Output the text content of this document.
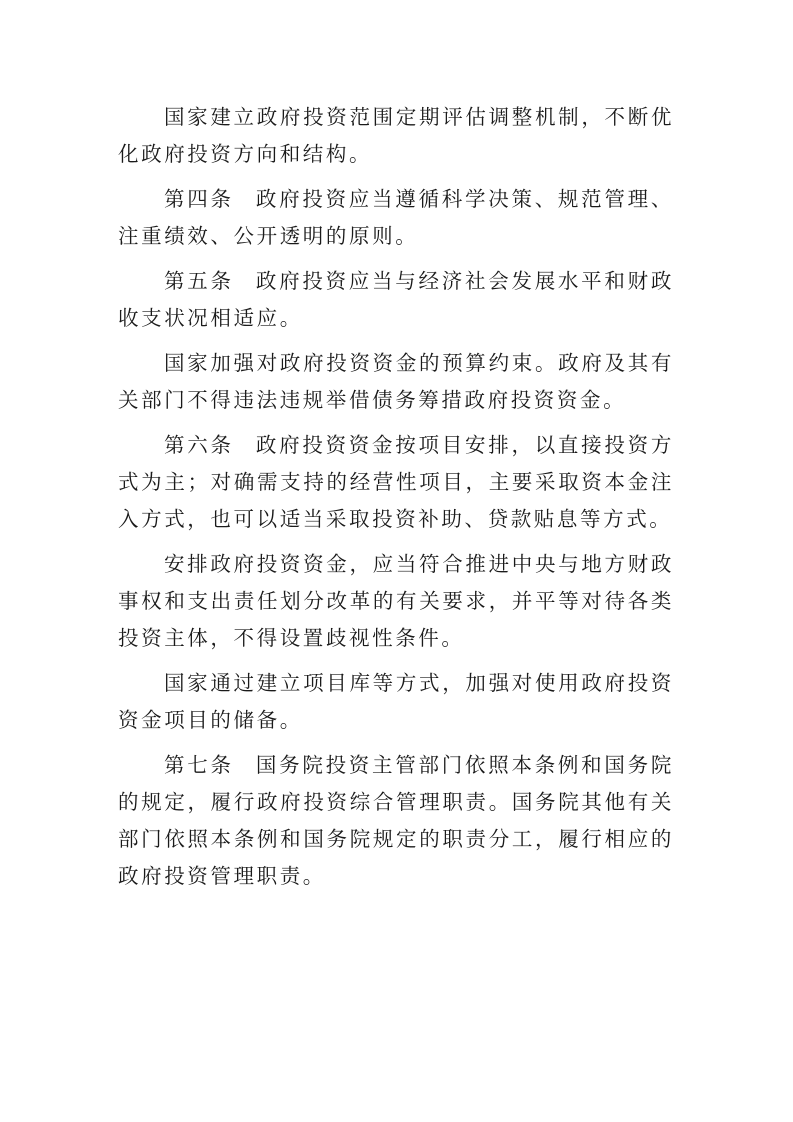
国家建立政府投资范围定期评估调整机制，不断优化政府投资方向和结构。

第四条 政府投资应当遵循科学决策、规范管理、注重绩效、公开透明的原则。

第五条 政府投资应当与经济社会发展水平和财政收支状况相适应。

国家加强对政府投资资金的预算约束。政府及其有关部门不得违法违规举借债务筹措政府投资资金。

第六条 政府投资资金按项目安排，以直接投资方式为主；对确需支持的经营性项目，主要采取资本金注入方式，也可以适当采取投资补助、贷款贴息等方式。

安排政府投资资金，应当符合推进中央与地方财政事权和支出责任划分改革的有关要求，并平等对待各类投资主体，不得设置歧视性条件。

国家通过建立项目库等方式，加强对使用政府投资资金项目的储备。

第七条 国务院投资主管部门依照本条例和国务院的规定，履行政府投资综合管理职责。国务院其他有关部门依照本条例和国务院规定的职责分工，履行相应的政府投资管理职责。
